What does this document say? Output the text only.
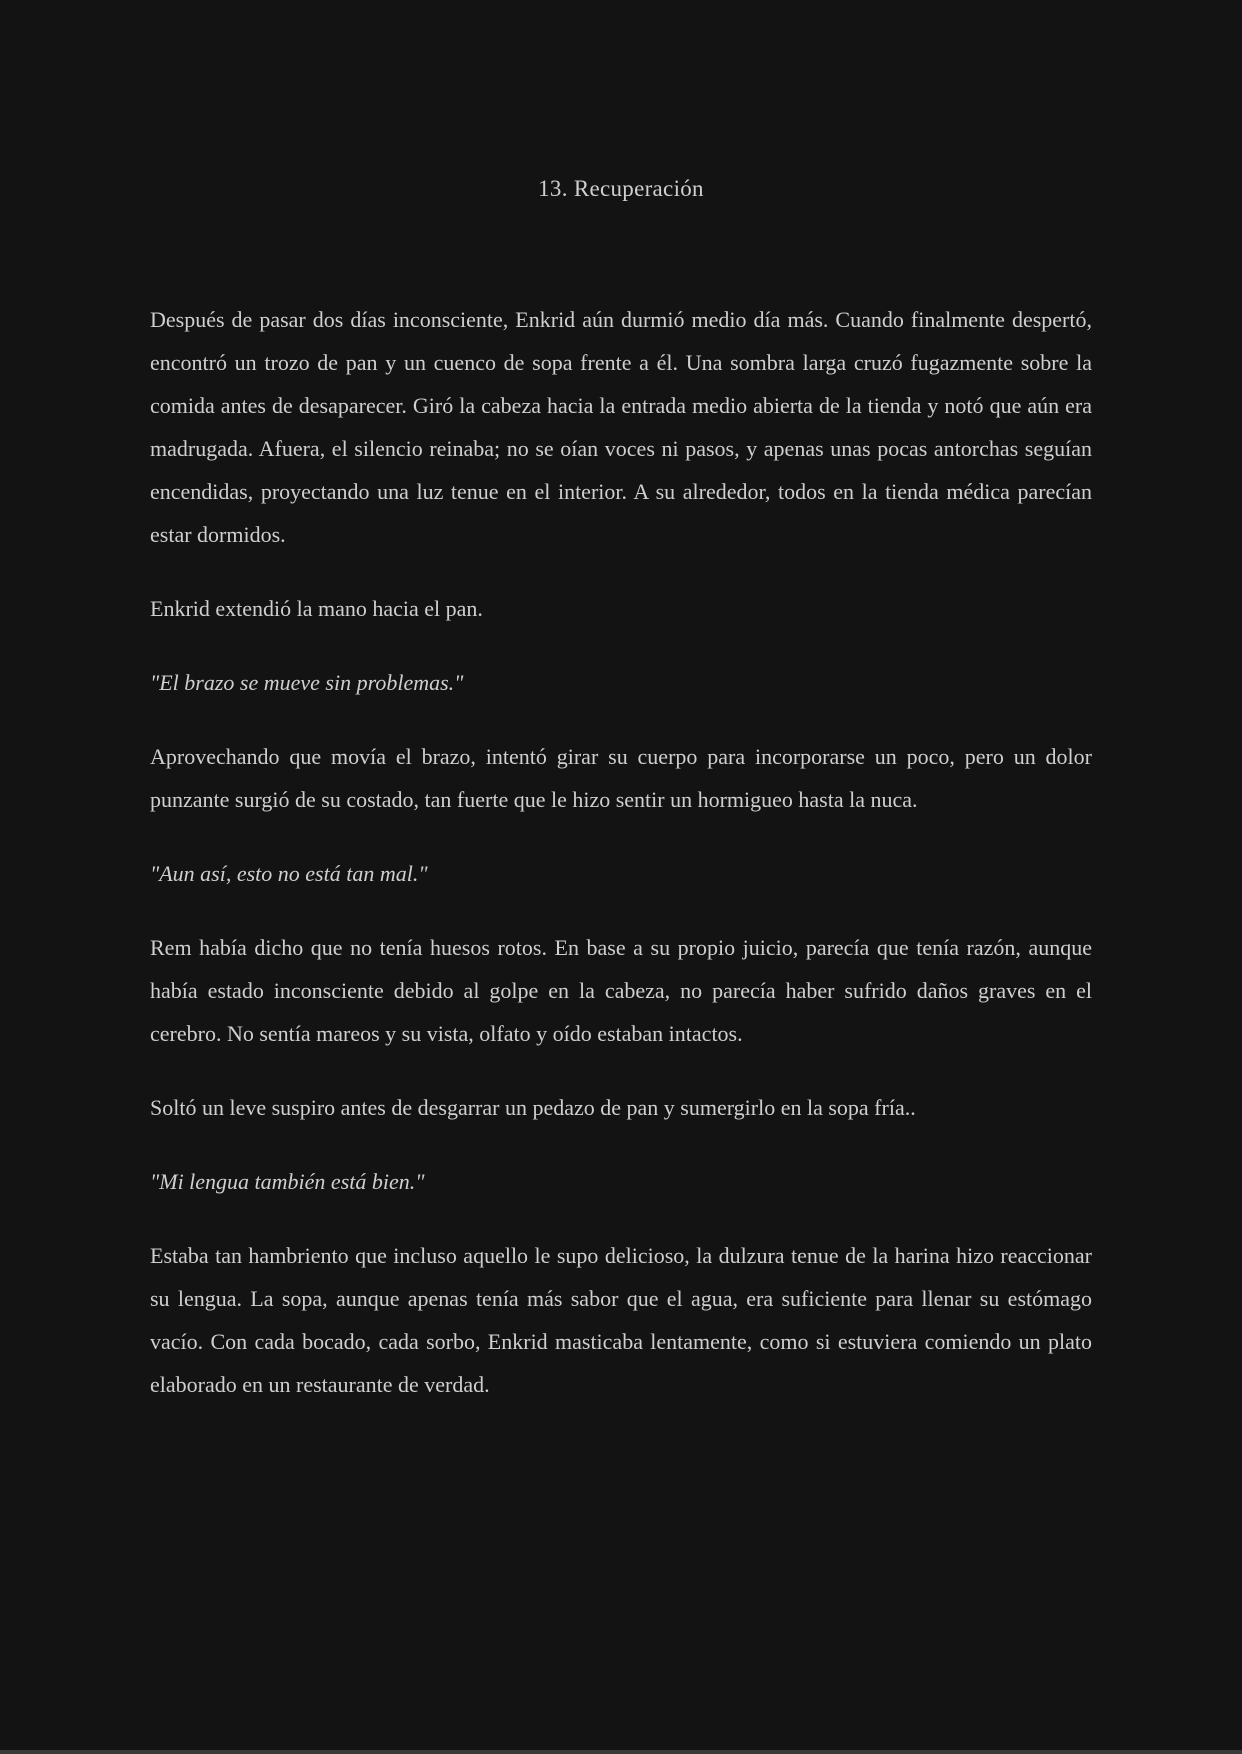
13. Recuperación

Después de pasar dos días inconsciente, Enkrid aún durmió medio día más. Cuando finalmente despertó, encontró un trozo de pan y un cuenco de sopa frente a él. Una sombra larga cruzó fugazmente sobre la comida antes de desaparecer. Giró la cabeza hacia la entrada medio abierta de la tienda y notó que aún era madrugada. Afuera, el silencio reinaba; no se oían voces ni pasos, y apenas unas pocas antorchas seguían encendidas, proyectando una luz tenue en el interior. A su alrededor, todos en la tienda médica parecían estar dormidos.

Enkrid extendió la mano hacia el pan.

"El brazo se mueve sin problemas."

Aprovechando que movía el brazo, intentó girar su cuerpo para incorporarse un poco, pero un dolor punzante surgió de su costado, tan fuerte que le hizo sentir un hormigueo hasta la nuca.

"Aun así, esto no está tan mal."

Rem había dicho que no tenía huesos rotos. En base a su propio juicio, parecía que tenía razón, aunque había estado inconsciente debido al golpe en la cabeza, no parecía haber sufrido daños graves en el cerebro. No sentía mareos y su vista, olfato y oído estaban intactos.

Soltó un leve suspiro antes de desgarrar un pedazo de pan y sumergirlo en la sopa fría..

"Mi lengua también está bien."

Estaba tan hambriento que incluso aquello le supo delicioso, la dulzura tenue de la harina hizo reaccionar su lengua. La sopa, aunque apenas tenía más sabor que el agua, era suficiente para llenar su estómago vacío. Con cada bocado, cada sorbo, Enkrid masticaba lentamente, como si estuviera comiendo un plato elaborado en un restaurante de verdad.
